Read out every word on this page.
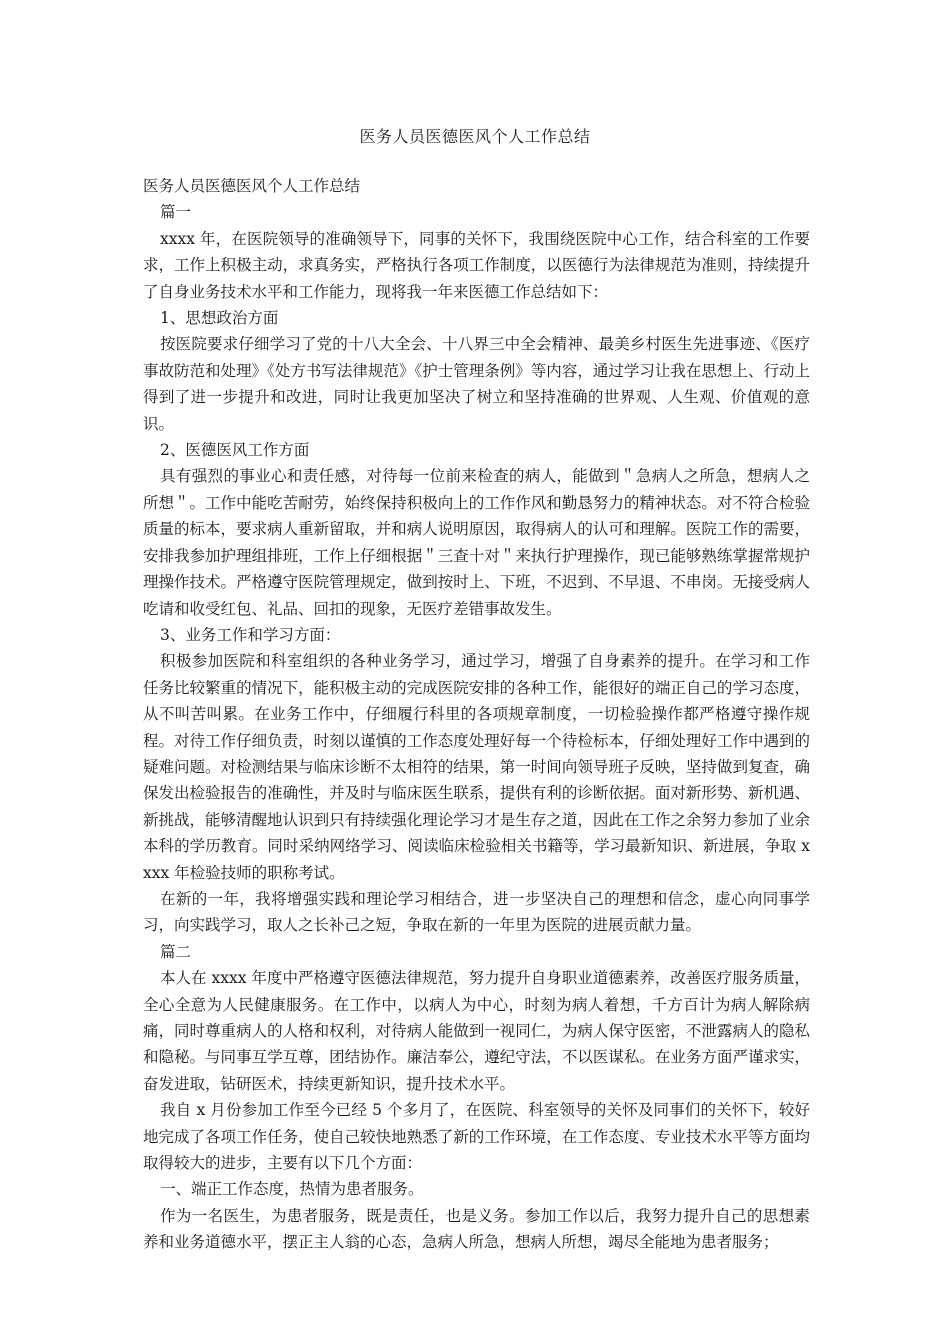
医务人员医德医风个人工作总结

医务人员医德医风个人工作总结

篇一

xxxx 年，在医院领导的准确领导下，同事的关怀下，我围绕医院中心工作，结合科室的工作要求，工作上积极主动，求真务实，严格执行各项工作制度，以医德行为法律规范为准则，持续提升了自身业务技术水平和工作能力，现将我一年来医德工作总结如下：

1、思想政治方面

按医院要求仔细学习了党的十八大全会、十八界三中全会精神、最美乡村医生先进事迹、《医疗事故防范和处理》《处方书写法律规范》《护士管理条例》等内容，通过学习让我在思想上、行动上得到了进一步提升和改进，同时让我更加坚决了树立和坚持准确的世界观、人生观、价值观的意识。

2、医德医风工作方面

具有强烈的事业心和责任感，对待每一位前来检查的病人，能做到＂急病人之所急，想病人之所想＂。工作中能吃苦耐劳，始终保持积极向上的工作作风和勤恳努力的精神状态。对不符合检验质量的标本，要求病人重新留取，并和病人说明原因，取得病人的认可和理解。医院工作的需要，安排我参加护理组排班，工作上仔细根据＂三查十对＂来执行护理操作，现已能够熟练掌握常规护理操作技术。严格遵守医院管理规定，做到按时上、下班，不迟到、不早退、不串岗。无接受病人吃请和收受红包、礼品、回扣的现象，无医疗差错事故发生。

3、业务工作和学习方面：

积极参加医院和科室组织的各种业务学习，通过学习，增强了自身素养的提升。在学习和工作任务比较繁重的情况下，能积极主动的完成医院安排的各种工作，能很好的端正自己的学习态度，从不叫苦叫累。在业务工作中，仔细履行科里的各项规章制度，一切检验操作都严格遵守操作规程。对待工作仔细负责，时刻以谨慎的工作态度处理好每一个待检标本，仔细处理好工作中遇到的疑难问题。对检测结果与临床诊断不太相符的结果，第一时间向领导班子反映，坚持做到复查，确保发出检验报告的准确性，并及时与临床医生联系，提供有利的诊断依据。面对新形势、新机遇、新挑战，能够清醒地认识到只有持续强化理论学习才是生存之道，因此在工作之余努力参加了业余本科的学历教育。同时采纳网络学习、阅读临床检验相关书籍等，学习最新知识、新进展，争取 xxxx 年检验技师的职称考试。

在新的一年，我将增强实践和理论学习相结合，进一步坚决自己的理想和信念，虚心向同事学习，向实践学习，取人之长补己之短，争取在新的一年里为医院的进展贡献力量。

篇二

本人在 xxxx 年度中严格遵守医德法律规范，努力提升自身职业道德素养，改善医疗服务质量，全心全意为人民健康服务。在工作中，以病人为中心，时刻为病人着想，千方百计为病人解除病痛，同时尊重病人的人格和权利，对待病人能做到一视同仁，为病人保守医密，不泄露病人的隐私和隐秘。与同事互学互尊，团结协作。廉洁奉公，遵纪守法，不以医谋私。在业务方面严谨求实，奋发进取，钻研医术，持续更新知识，提升技术水平。

我自 x 月份参加工作至今已经 5 个多月了，在医院、科室领导的关怀及同事们的关怀下，较好地完成了各项工作任务，使自己较快地熟悉了新的工作环境，在工作态度、专业技术水平等方面均取得较大的进步，主要有以下几个方面：

一、端正工作态度，热情为患者服务。

作为一名医生，为患者服务，既是责任，也是义务。参加工作以后，我努力提升自己的思想素养和业务道德水平，摆正主人翁的心态，急病人所急，想病人所想，竭尽全能地为患者服务；
